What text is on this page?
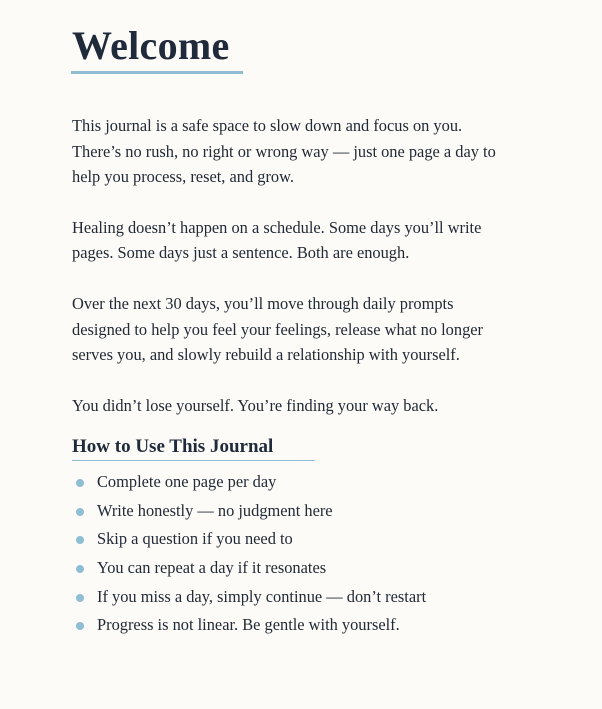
Welcome

This journal is a safe space to slow down and focus on you. There’s no rush, no right or wrong way — just one page a day to help you process, reset, and grow.

Healing doesn’t happen on a schedule. Some days you’ll write pages. Some days just a sentence. Both are enough.

Over the next 30 days, you’ll move through daily prompts designed to help you feel your feelings, release what no longer serves you, and slowly rebuild a relationship with yourself.

You didn’t lose yourself. You’re finding your way back.

How to Use This Journal
Complete one page per day
Write honestly — no judgment here
Skip a question if you need to
You can repeat a day if it resonates
If you miss a day, simply continue — don’t restart
Progress is not linear. Be gentle with yourself.
